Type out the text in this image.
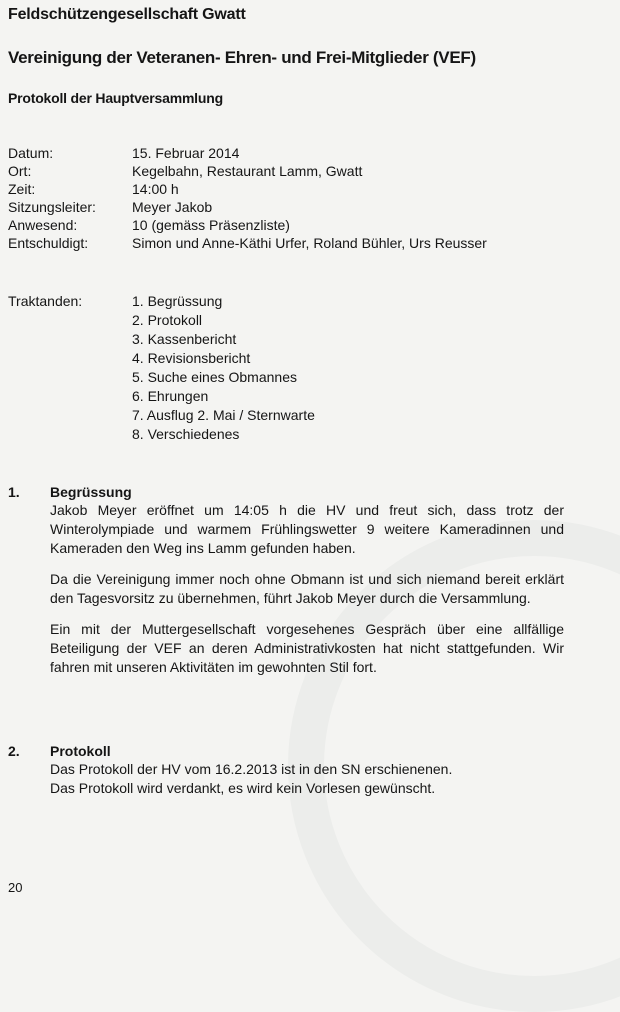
Feldschützengesellschaft Gwatt
Vereinigung der Veteranen- Ehren- und Frei-Mitglieder (VEF)
Protokoll der Hauptversammlung
Datum:	15. Februar 2014
Ort:	Kegelbahn, Restaurant Lamm, Gwatt
Zeit:	14:00 h
Sitzungsleiter:	Meyer Jakob
Anwesend:	10 (gemäss Präsenzliste)
Entschuldigt:	Simon und Anne-Käthi Urfer, Roland Bühler, Urs Reusser
Traktanden:	1. Begrüssung
2. Protokoll
3. Kassenbericht
4. Revisionsbericht
5. Suche eines Obmannes
6. Ehrungen
7. Ausflug 2. Mai / Sternwarte
8. Verschiedenes
1.	Begrüssung

Jakob Meyer eröffnet um 14:05 h die HV und freut sich, dass trotz der Winterolympiade und warmem Frühlingswetter 9 weitere Kameradinnen und Kameraden den Weg ins Lamm gefunden haben.

Da die Vereinigung immer noch ohne Obmann ist und sich niemand bereit erklärt den Tagesvorsitz zu übernehmen, führt Jakob Meyer durch die Versammlung.

Ein mit der Muttergesellschaft vorgesehenes Gespräch über eine allfällige Beteiligung der VEF an deren Administrativkosten hat nicht stattgefunden. Wir fahren mit unseren Aktivitäten im gewohnten Stil fort.

2.	Protokoll

Das Protokoll der HV vom 16.2.2013 ist in den SN erschienenen.

Das Protokoll wird verdankt, es wird kein Vorlesen gewünscht.

20
